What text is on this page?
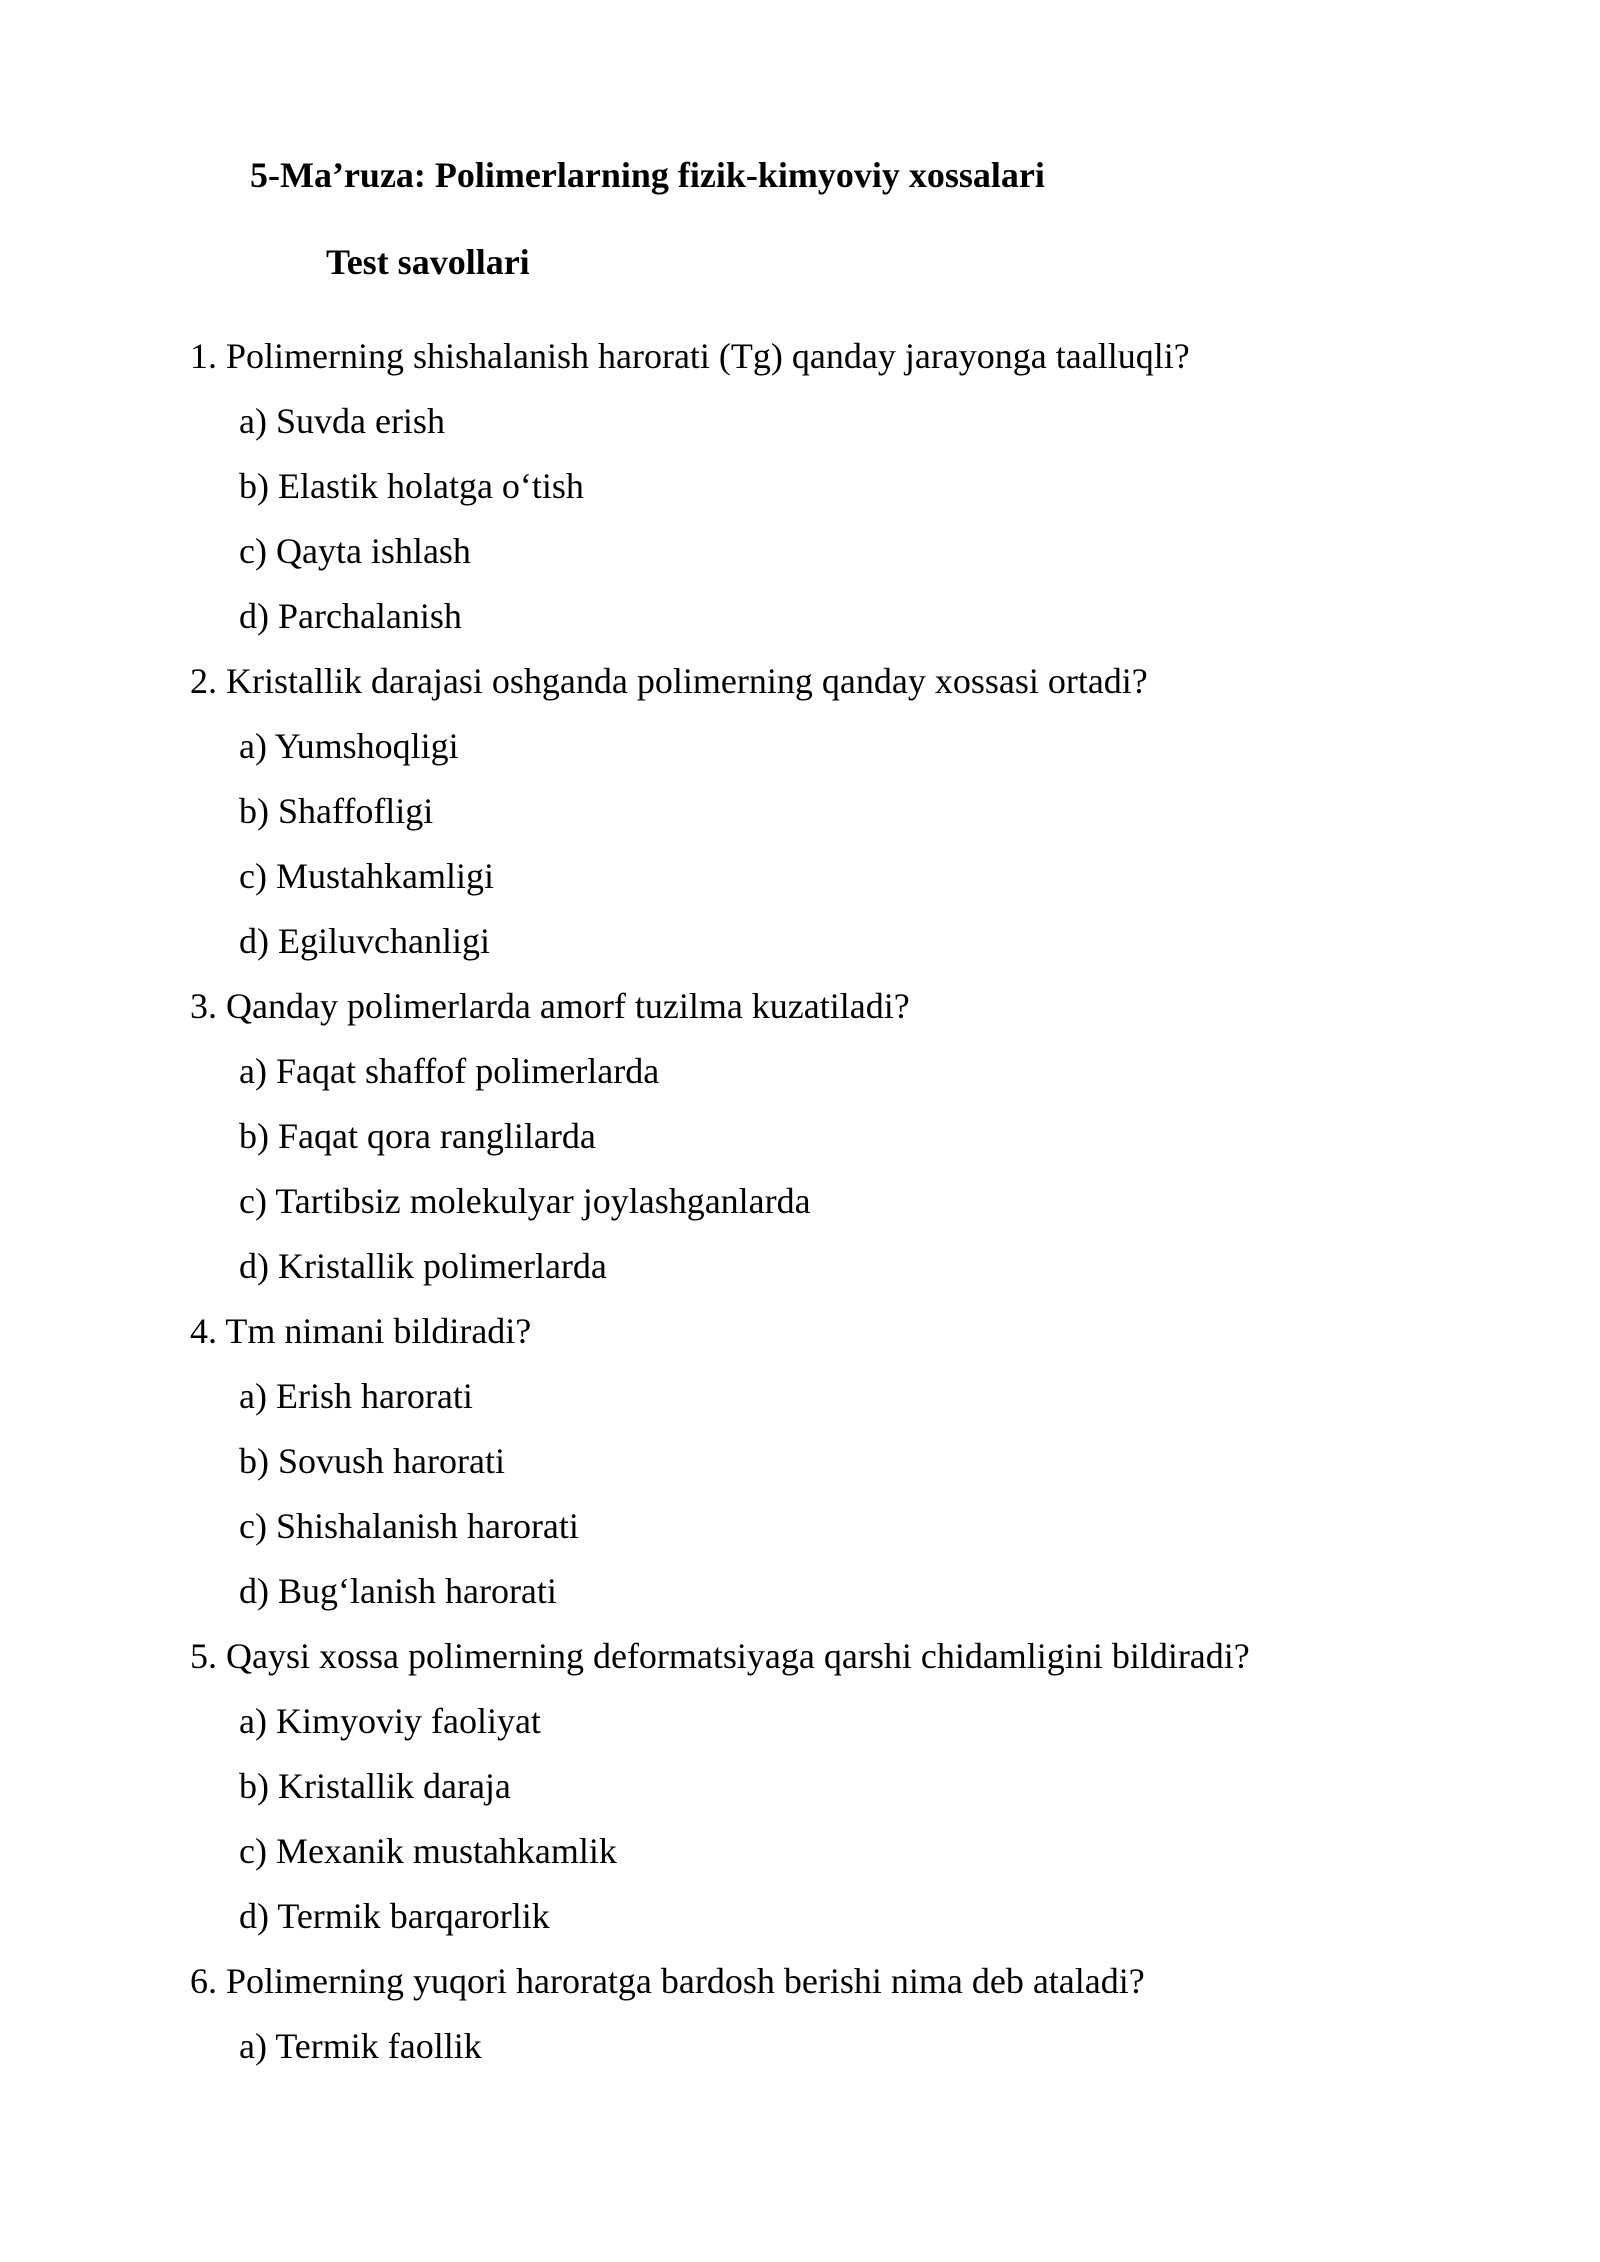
5-Ma’ruza: Polimerlarning fizik-kimyoviy xossalari
Test savollari
1. Polimerning shishalanish harorati (Tg) qanday jarayonga taalluqli?
a) Suvda erish
b) Elastik holatga o‘tish
c) Qayta ishlash
d) Parchalanish
2. Kristallik darajasi oshganda polimerning qanday xossasi ortadi?
a) Yumshoqligi
b) Shaffofligi
c) Mustahkamligi
d) Egiluvchanligi
3. Qanday polimerlarda amorf tuzilma kuzatiladi?
a) Faqat shaffof polimerlarda
b) Faqat qora ranglilarda
c) Tartibsiz molekulyar joylashganlarda
d) Kristallik polimerlarda
4. Tm nimani bildiradi?
a) Erish harorati
b) Sovush harorati
c) Shishalanish harorati
d) Bug‘lanish harorati
5. Qaysi xossa polimerning deformatsiyaga qarshi chidamligini bildiradi?
a) Kimyoviy faoliyat
b) Kristallik daraja
c) Mexanik mustahkamlik
d) Termik barqarorlik
6. Polimerning yuqori haroratga bardosh berishi nima deb ataladi?
a) Termik faollik
